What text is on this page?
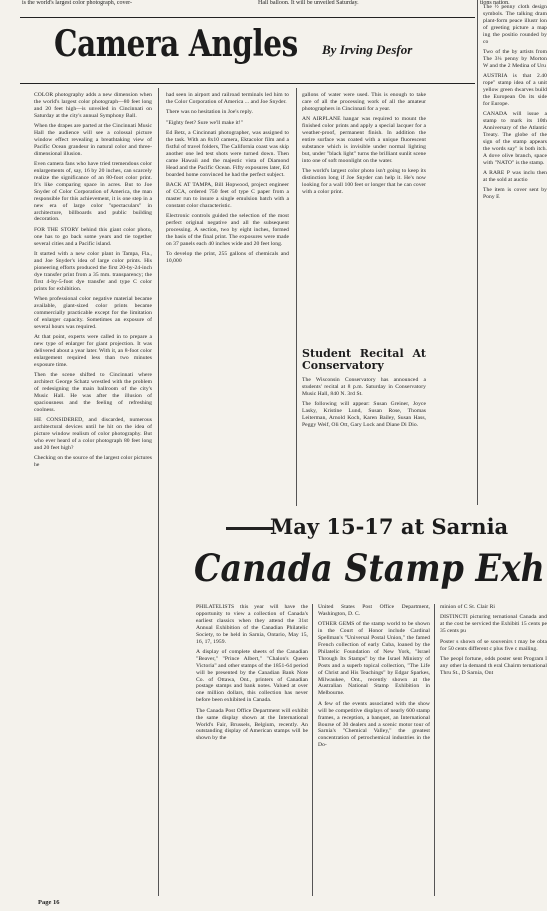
is the world's largest color photograph, cover-	Hall balloon. It will be unveiled Saturday.	tions nation.
Camera Angles By Irving Desfor

COLOR photography adds a new dimension when the world's largest color photograph—80 feet long and 20 feet high—is unveiled in Cincinnati on Saturday at the city's annual Symphony Ball.

When the drapes are parted at the Cincinnati Music Hall the audience will see a colossal picture window effect revealing a breathtaking view of Pacific Ocean grandeur in natural color and three-dimensional illusion.

Even camera fans who have tried tremendous color enlargements of, say, 16 by 20 inches, can scarcely realize the significance of an 80-foot color print. It's like comparing space in acres. But to Joe Snyder of Color Corporation of America, the man responsible for this achievement, it is one step in a new era of large color "spectaculars" in architecture, billboards and public building decoration.

FOR THE STORY behind this giant color photo, one has to go back some years and tie together several cities and a Pacific island.

It started with a new color plant in Tampa, Fla., and Joe Snyder's idea of large color prints. His pioneering efforts produced the first 20-by-24-inch dye transfer print from a 35 mm. transparency; the first 4-by-5-foot dye transfer and type C color prints for exhibition.

When professional color negative material became available, giant-sized color prints became commercially practicable except for the limitation of enlarger capacity. Sometimes an exposure of several hours was required.

At that point, experts were called in to prepare a new type of enlarger for giant projection. It was delivered about a year later. With it, an 8-foot color enlargement required less than two minutes exposure time.

Then the scene shifted to Cincinnati where architect George Schatz wrestled with the problem of redesigning the main ballroom of the city's Music Hall. He was after the illusion of spaciousness and the feeling of refreshing coolness.

HE CONSIDERED, and discarded, numerous architectural devices until he hit on the idea of picture window realism of color photography. But who ever heard of a color photograph 80 feet long and 20 feet high?

Checking on the source of the largest color pictures he

had seen in airport and railroad terminals led him to the Color Corporation of America ... and Joe Snyder.

There was no hesitation in Joe's reply.

"Eighty feet? Sure we'll make it!"

Ed Betz, a Cincinnati photographer, was assigned to the task. With an 8x10 camera, Ektacolor film and a fistful of travel folders, The California coast was skip another one led test shots were turned down. Then came Hawaii and the majestic vista of Diamond Head and the Pacific Ocean. Fifty exposures later, Ed boarded home convinced he had the perfect subject.

BACK AT TAMPA, Bill Hopwood, project engineer of CCA, ordered 750 feet of type C paper from a master run to insure a single emulsion batch with a constant color characteristic.

Electronic controls guided the selection of the most perfect original negative and all the subsequent processing. A section, two by eight inches, formed the basis of the final print. The exposures were made on 37 panels each 40 inches wide and 20 feet long.

To develop the print, 255 gallons of chemicals and 10,000

gallons of water were used. This is enough to take care of all the processing work of all the amateur photographers in Cincinnati for a year.

AN AIRPLANE hangar was required to mount the finished color prints and apply a special lacquer for a weather-proof, permanent finish. In addition the entire surface was coated with a unique fluorescent substance which is invisible under normal lighting but, under "black light" turns the brilliant sunlit scene into one of soft moonlight on the water.

The world's largest color photo isn't going to keep its distinction long if Joe Snyder can help it. He's now looking for a wall 100 feet or longer that he can cover with a color print.

Student Recital At Conservatory

The Wisconsin Conservatory has announced a students' recital at 8 p.m. Saturday in Conservatory Music Hall, 840 N. 3rd St.

The following will appear: Susan Greiner, Joyce Lasky, Kristine Lund, Susan Rose, Thomas Leiterman, Arnold Koch, Karen Bailey, Susan Hass, Peggy Weif, Oli Ott, Gary Lock and Diane Di Dio.

The ½ penny cloth design symbols. The talking dram plant-form peace illustr lon of greeting picture a map ing the positio rounded by co

Two of the by artists from The 3¼ penny by Morton W and the 2 Medina of Uru

AUSTRIA is that 2.40 rope" stamp idea of a unit yellow green dwarves build the European On its side for Europe.

CANADA will issue a stamp to mark its 10th Anniversary of the Atlantic Treaty. The globe of the sign of the stamp appears the words say" is both itch. A dove olive branch, space with "NATO" is the stamp.

A RARE P was inclu then at the sold at auctio

The item is cover sent by Pony E

May 15-17 at Sarnia
Canada Stamp Exh

PHILATELISTS this year will have the opportunity to view a collection of Canada's earliest classics when they attend the 31st Annual Exhibition of the Canadian Philatelic Society, to be held in Sarnia, Ontario, May 15, 16, 17, 1959.

A display of complete sheets of the Canadian "Beaver," "Prince Albert," "Chalon's Queen Victoria" and other stamps of the 1851-64 period will be presented by the Canadian Bank Note Co. of Ottawa, Ont., printers of Canadian postage stamps and bank notes. Valued at over one million dollars, this collection has never before been exhibited in Canada.

The Canada Post Office Department will exhibit the same display shown at the International World's Fair, Brussels, Belgium, recently. An outstanding display of American stamps will be shown by the

United States Post Office Department, Washington, D. C.

OTHER GEMS of the stamp world to be shown in the Court of Honor include Cardinal Spellman's "Universal Postal Union," the famed French collection of early Cuba, loaned by the Philatelic Foundation of New York, "Israel Through Its Stamps" by the Israel Ministry of Posts and a superb topical collection, "The Life of Christ and His Teachings" by Edgar Sparkes, Milwaukee, Ont., recently shown at the Australian National Stamp Exhibition in Melbourne.

A few of the events associated with the show will be competitive displays of nearly 600 stamp frames, a reception, a banquet, an International Bourse of 30 dealers and a scenic motor tour of Sarnia's "Chemical Valley," the greatest concentration of petrochemical industries in the Do-

minion of C St. Clair Ri

DISTINCTI picturing ternational Canada and at the cost be serviced the Exhibiti 15 cents pe 35 cents pu

Poster s shown of se souvenirs t may be obta for 50 cents different c plus five c mailing.

The peopl fortune, odds poster sent Program I any other la demand th eral Chairm ternational Thru St., D Sarnia, Ont

Page 16
